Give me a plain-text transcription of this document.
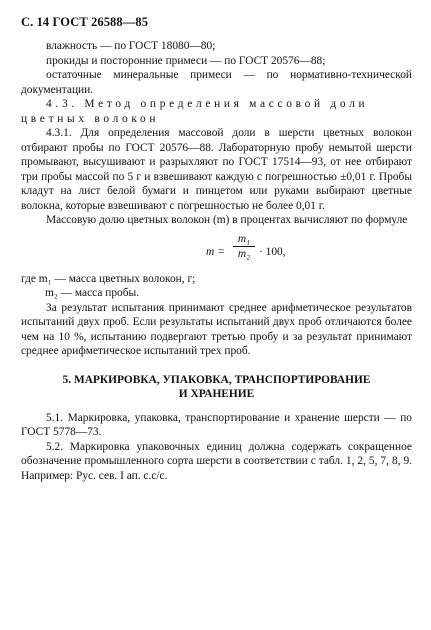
С. 14 ГОСТ 26588—85

влажность — по ГОСТ 18080—80;

прокиды и посторонние примеси — по ГОСТ 20576—88;

остаточные минеральные примеси — по нормативно-технической документации.

4.3. Метод определения массовой доли цветных волокон

4.3.1. Для определения массовой доли в шерсти цветных волокон отбирают пробы по ГОСТ 20576—88. Лабораторную пробу немытой шерсти промывают, высушивают и разрыхляют по ГОСТ 17514—93, от нее отбирают три пробы массой по 5 г и взвешивают каждую с погрешностью ±0,01 г. Пробы кладут на лист белой бумаги и пинцетом или руками выбирают цветные волокна, которые взвешивают с погрешностью не более 0,01 г.

Массовую долю цветных волокон (m) в процентах вычисляют по формуле

$m = \frac{\text{m₁}}{\text{m₂}} \cdot 100$,

где m₁ — масса цветных волокон, г;

m₂ — масса пробы.

За результат испытания принимают среднее арифметическое результатов испытаний двух проб. Если результаты испытаний двух проб отличаются более чем на 10 %, испытанию подвергают третью пробу и за результат принимают среднее арифметическое испытаний трех проб.

5. МАРКИРОВКА, УПАКОВКА, ТРАНСПОРТИРОВАНИЕ
И ХРАНЕНИЕ

5.1. Маркировка, упаковка, транспортирование и хранение шерсти — по ГОСТ 5778—73.

5.2. Маркировка упаковочных единиц должна содержать сокращенное обозначение промышленного сорта шерсти в соответствии с табл. 1, 2, 5, 7, 8, 9. Например: Рус. сев. I ап. с.с/с.
